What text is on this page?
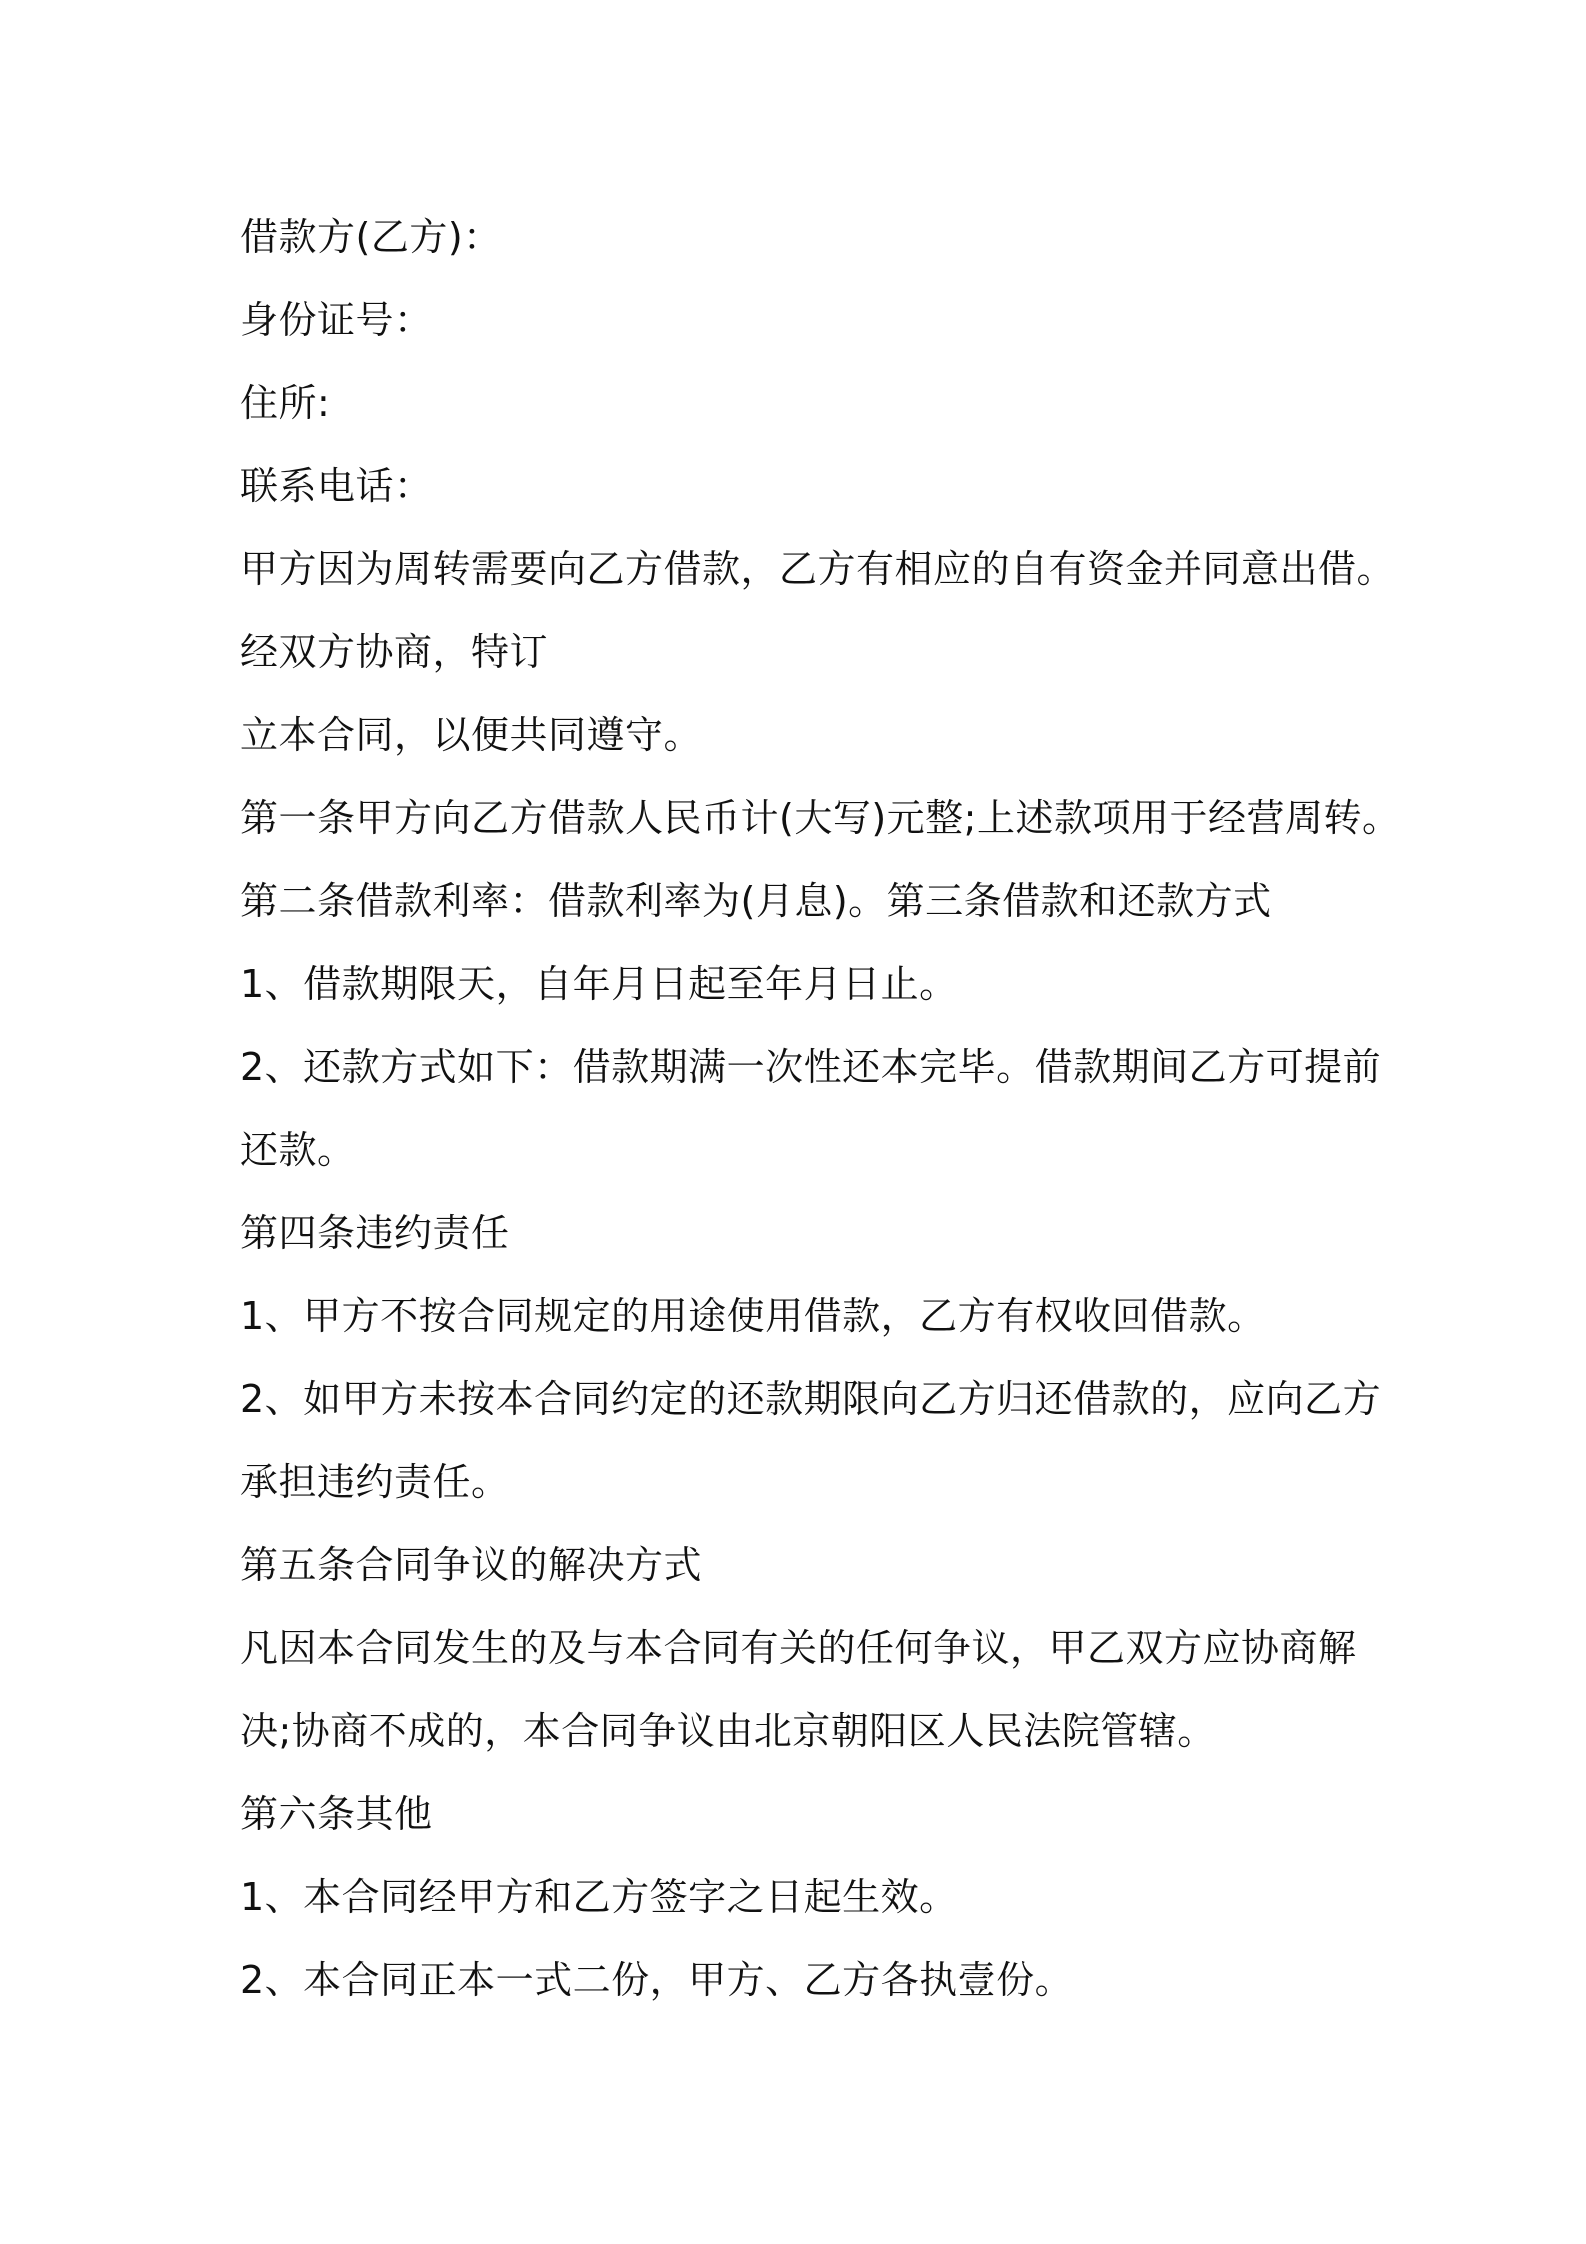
借款方(乙方)：
身份证号：
住所:
联系电话：
甲方因为周转需要向乙方借款，乙方有相应的自有资金并同意出借。
经双方协商，特订
立本合同，以便共同遵守。
第一条甲方向乙方借款人民币计(大写)元整;上述款项用于经营周转。
第二条借款利率：借款利率为(月息)。第三条借款和还款方式
1、借款期限天，自年月日起至年月日止。
2、还款方式如下：借款期满一次性还本完毕。借款期间乙方可提前
还款。
第四条违约责任
1、甲方不按合同规定的用途使用借款，乙方有权收回借款。
2、如甲方未按本合同约定的还款期限向乙方归还借款的，应向乙方
承担违约责任。
第五条合同争议的解决方式
凡因本合同发生的及与本合同有关的任何争议，甲乙双方应协商解
决;协商不成的，本合同争议由北京朝阳区人民法院管辖。
第六条其他
1、本合同经甲方和乙方签字之日起生效。
2、本合同正本一式二份，甲方、乙方各执壹份。
